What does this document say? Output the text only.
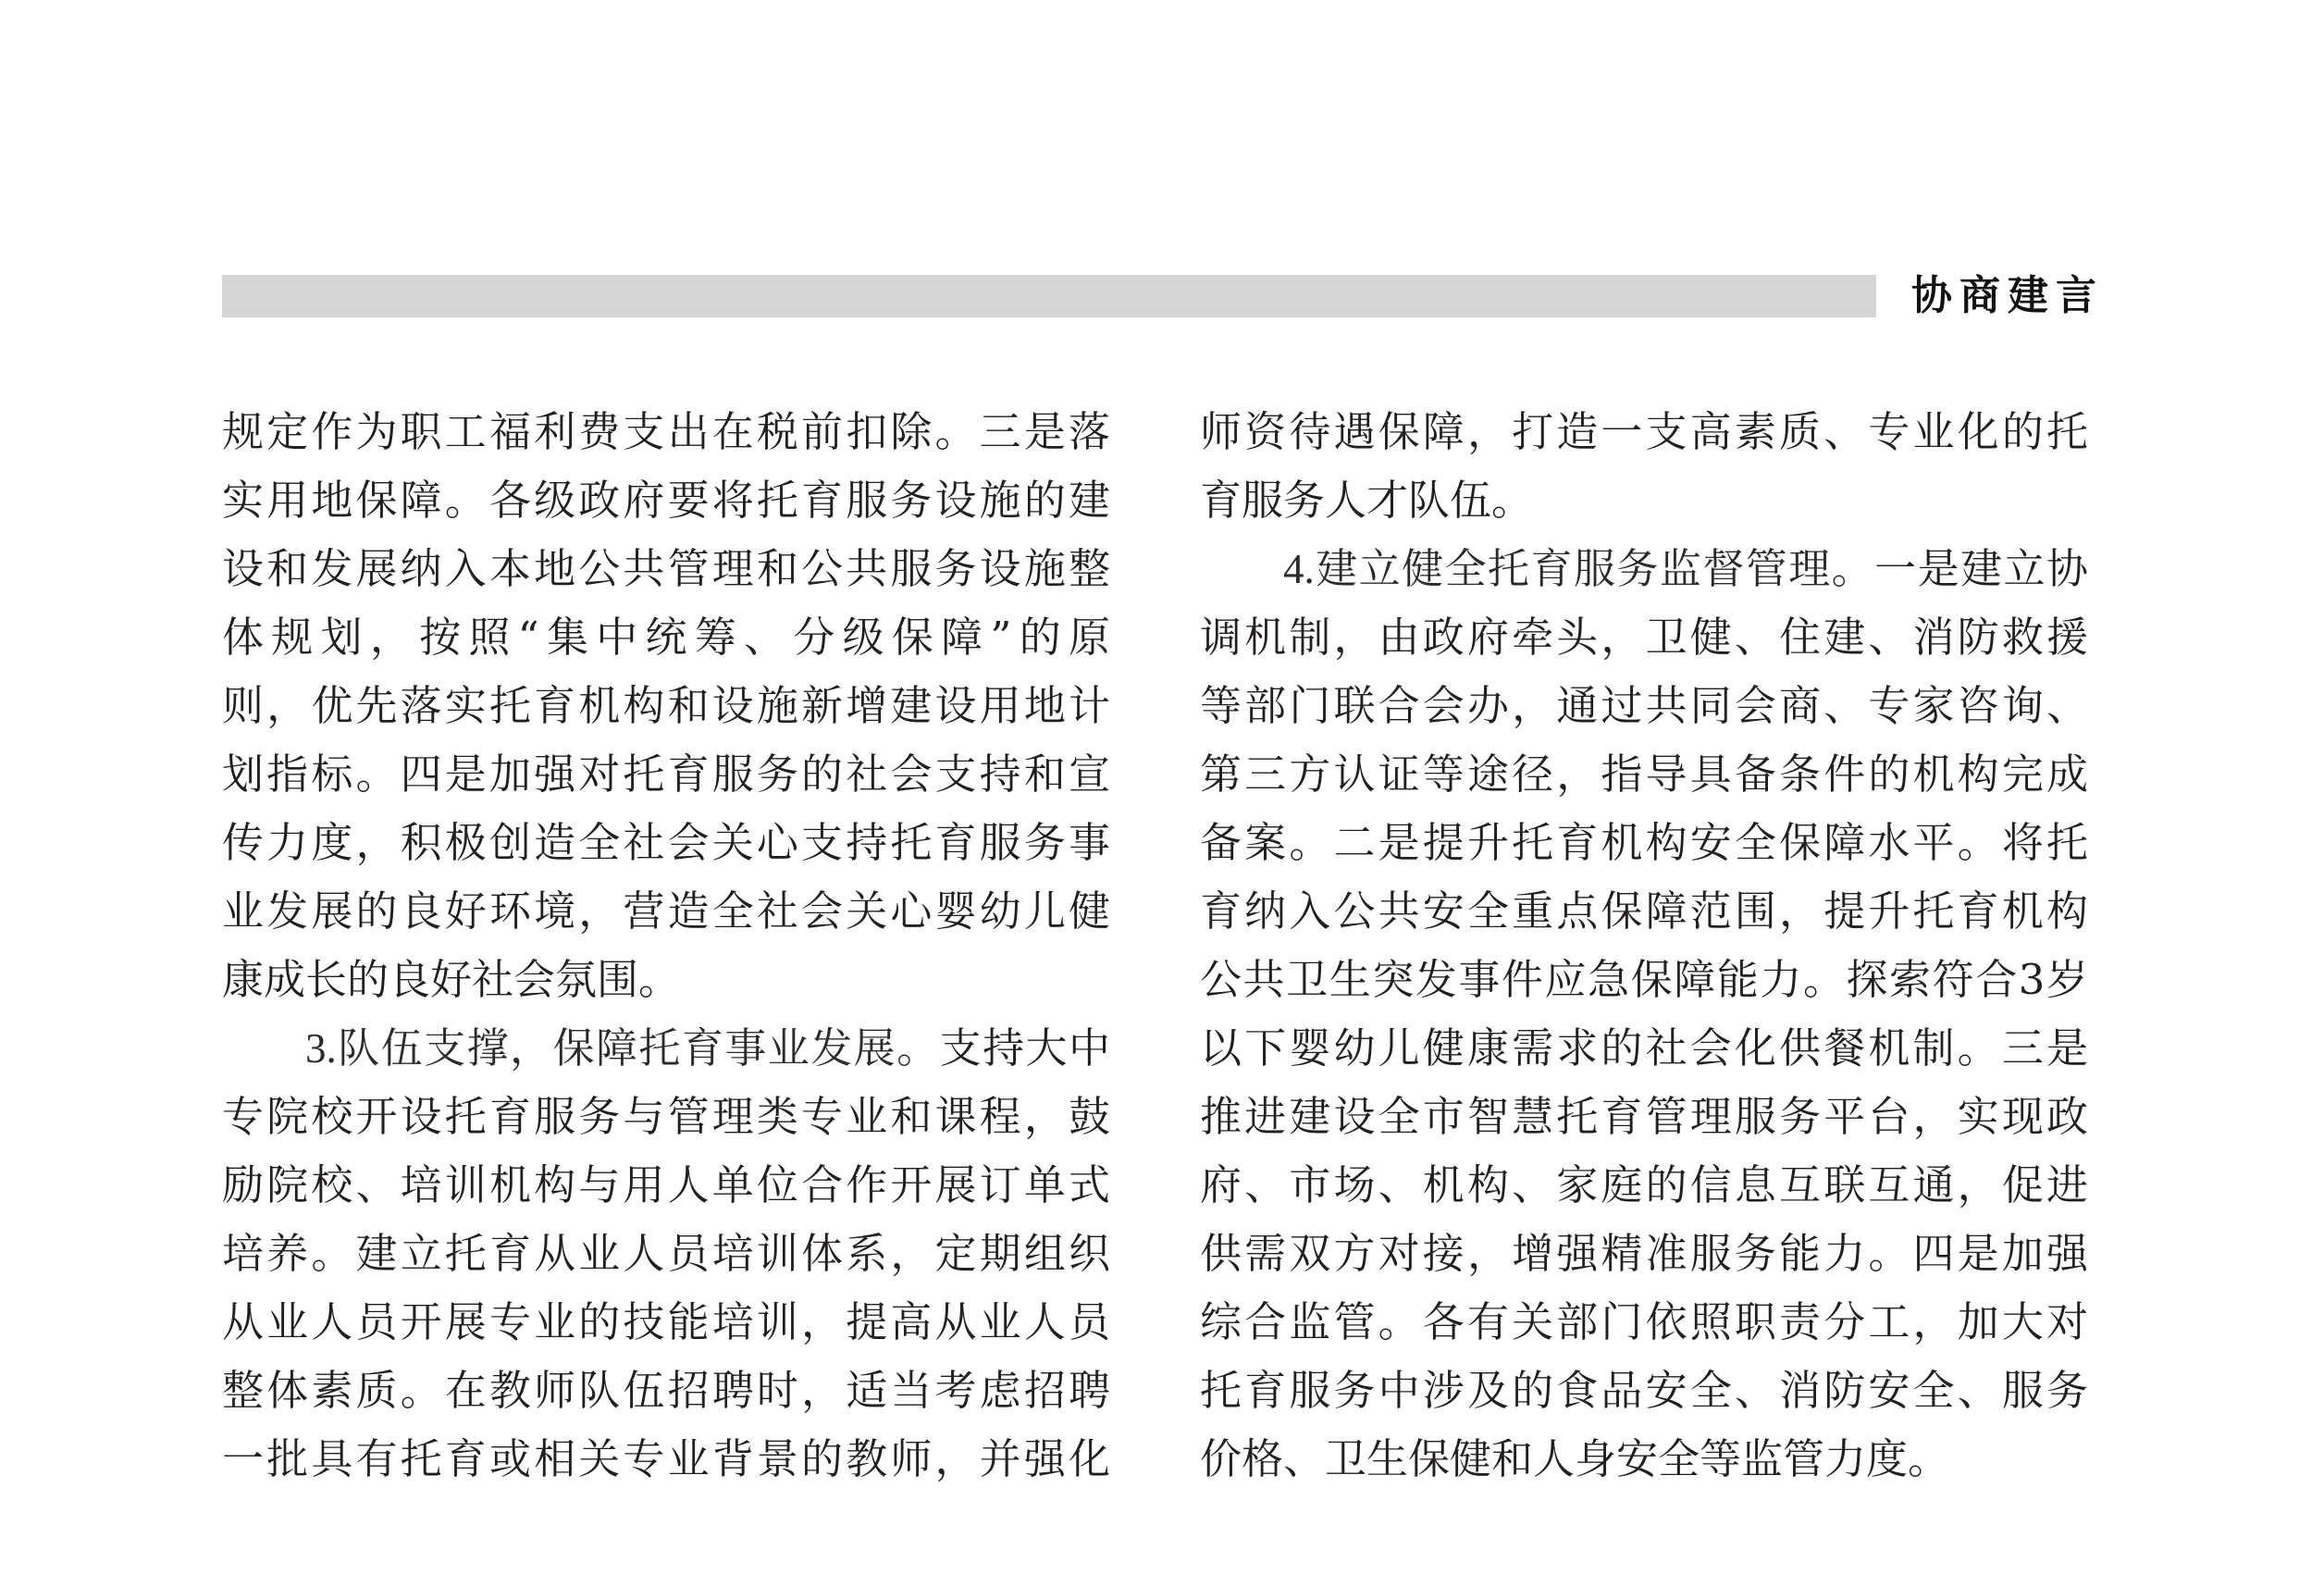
协商建言
规定作为职工福利费支出在税前扣除。三是落
实用地保障。各级政府要将托育服务设施的建
设和发展纳入本地公共管理和公共服务设施整
体规划，按照“集中统筹、分级保障”的原
则，优先落实托育机构和设施新增建设用地计
划指标。四是加强对托育服务的社会支持和宣
传力度，积极创造全社会关心支持托育服务事
业发展的良好环境，营造全社会关心婴幼儿健
康成长的良好社会氛围。
3.队伍支撑，保障托育事业发展。支持大中
专院校开设托育服务与管理类专业和课程，鼓
励院校、培训机构与用人单位合作开展订单式
培养。建立托育从业人员培训体系，定期组织
从业人员开展专业的技能培训，提高从业人员
整体素质。在教师队伍招聘时，适当考虑招聘
一批具有托育或相关专业背景的教师，并强化
师资待遇保障，打造一支高素质、专业化的托
育服务人才队伍。
4.建立健全托育服务监督管理。一是建立协
调机制，由政府牵头，卫健、住建、消防救援
等部门联合会办，通过共同会商、专家咨询、
第三方认证等途径，指导具备条件的机构完成
备案。二是提升托育机构安全保障水平。将托
育纳入公共安全重点保障范围，提升托育机构
公共卫生突发事件应急保障能力。探索符合3岁
以下婴幼儿健康需求的社会化供餐机制。三是
推进建设全市智慧托育管理服务平台，实现政
府、市场、机构、家庭的信息互联互通，促进
供需双方对接，增强精准服务能力。四是加强
综合监管。各有关部门依照职责分工，加大对
托育服务中涉及的食品安全、消防安全、服务
价格、卫生保健和人身安全等监管力度。
